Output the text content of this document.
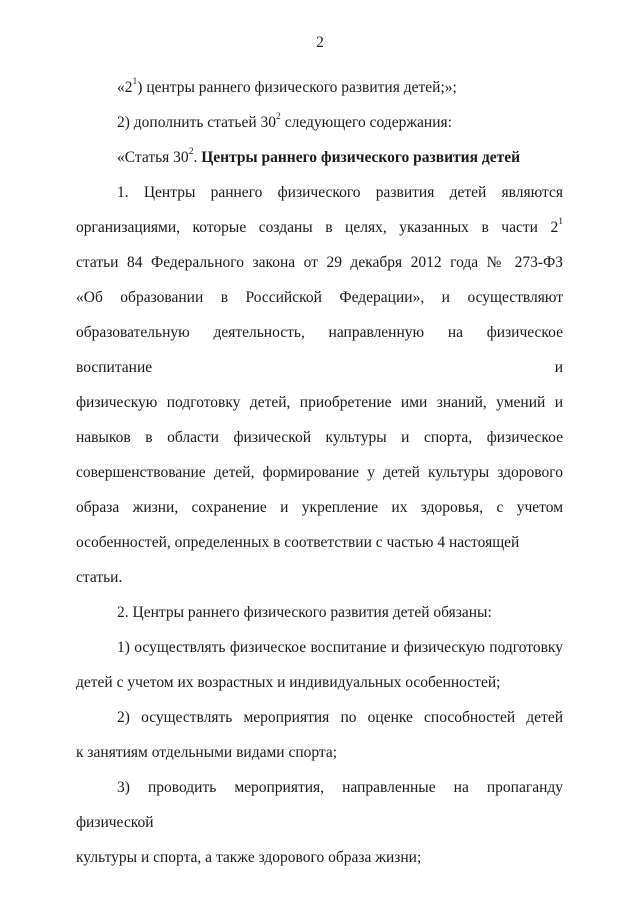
2

«$2^1$) центры раннего физического развития детей;»;

2) дополнить статьей $30^2$ следующего содержания:

«Статья $30^2$. Центры раннего физического развития детей

1. Центры раннего физического развития детей являются

организациями, которые созданы в целях, указанных в части $2^1$

статьи 84 Федерального закона от 29 декабря 2012 года № 273-ФЗ

«Об образовании в Российской Федерации», и осуществляют

образовательную деятельность, направленную на физическое воспитание и

физическую подготовку детей, приобретение ими знаний, умений и

навыков в области физической культуры и спорта, физическое

совершенствование детей, формирование у детей культуры здорового

образа жизни, сохранение и укрепление их здоровья, с учетом

особенностей, определенных в соответствии с частью 4 настоящей статьи.

2. Центры раннего физического развития детей обязаны:

1) осуществлять физическое воспитание и физическую подготовку

детей с учетом их возрастных и индивидуальных особенностей;

2) осуществлять мероприятия по оценке способностей детей

к занятиям отдельными видами спорта;

3) проводить мероприятия, направленные на пропаганду физической

культуры и спорта, а также здорового образа жизни;
